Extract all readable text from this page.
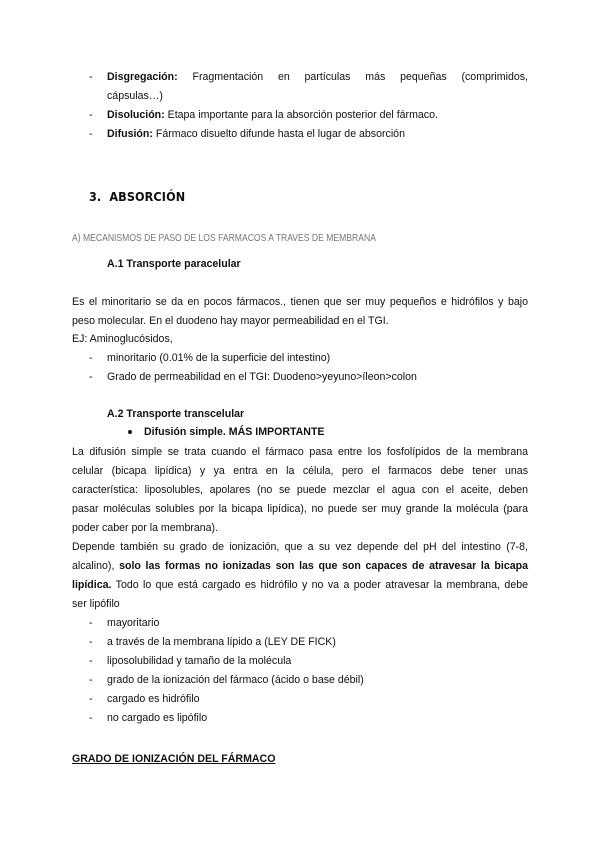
- Disgregación: Fragmentación en partículas más pequeñas (comprimidos,
cápsulas…)
- Disolución: Etapa importante para la absorción posterior del fármaco.
- Difusión: Fármaco disuelto difunde hasta el lugar de absorción
3. ABSORCIÓN
A) MECANISMOS DE PASO DE LOS FARMACOS A TRAVES DE MEMBRANA
A.1 Transporte paracelular
Es el minoritario se da en pocos fármacos., tienen que ser muy pequeños e hidrófilos y bajo
peso molecular. En el duodeno hay mayor permeabilidad en el TGI.
EJ: Aminoglucósidos,
- minoritario (0.01% de la superficie del intestino)
- Grado de permeabilidad en el TGI: Duodeno>yeyuno>íleon>colon
A.2 Transporte transcelular
Difusión simple. MÁS IMPORTANTE
La difusión simple se trata cuando el fármaco pasa entre los fosfolípidos de la membrana
celular (bicapa lipídica) y ya entra en la célula, pero el farmacos debe tener unas
característica: liposolubles, apolares (no se puede mezclar el agua con el aceite, deben
pasar moléculas solubles por la bicapa lipídica), no puede ser muy grande la molécula (para
poder caber por la membrana).
Depende también su grado de ionización, que a su vez depende del pH del intestino (7-8,
alcalino), solo las formas no ionizadas son las que son capaces de atravesar la bicapa
lipídica. Todo lo que está cargado es hidrófilo y no va a poder atravesar la membrana, debe
ser lipófilo
- mayoritario
- a través de la membrana lípido a (LEY DE FICK)
- liposolubilidad y tamaño de la molécula
- grado de la ionización del fármaco (ácido o base débil)
- cargado es hidrófilo
- no cargado es lipófilo
GRADO DE IONIZACIÓN DEL FÁRMACO
